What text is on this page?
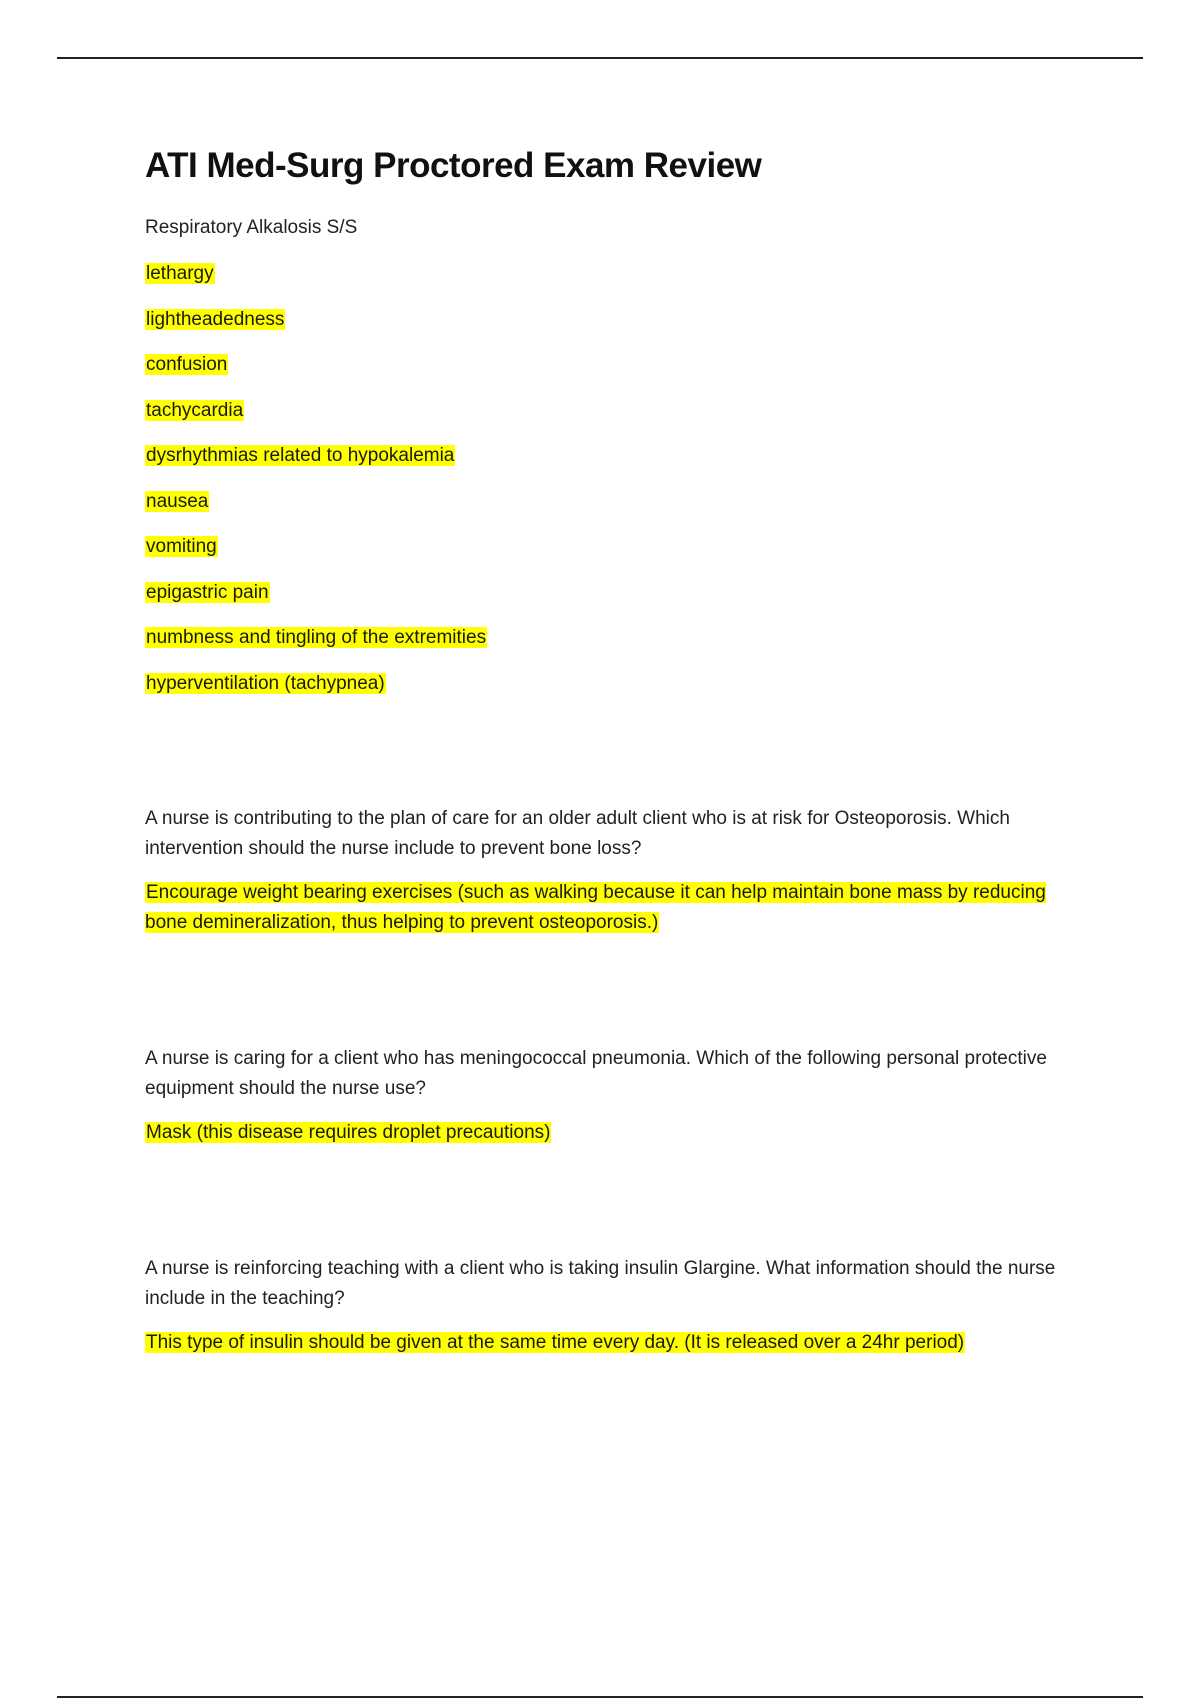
ATI Med-Surg Proctored Exam Review
Respiratory Alkalosis S/S
lethargy
lightheadedness
confusion
tachycardia
dysrhythmias related to hypokalemia
nausea
vomiting
epigastric pain
numbness and tingling of the extremities
hyperventilation (tachypnea)

A nurse is contributing to the plan of care for an older adult client who is at risk for Osteoporosis. Which intervention should the nurse include to prevent bone loss?

Encourage weight bearing exercises (such as walking because it can help maintain bone mass by reducing bone demineralization, thus helping to prevent osteoporosis.)

A nurse is caring for a client who has meningococcal pneumonia. Which of the following personal protective equipment should the nurse use?

Mask (this disease requires droplet precautions)

A nurse is reinforcing teaching with a client who is taking insulin Glargine. What information should the nurse include in the teaching?

This type of insulin should be given at the same time every day. (It is released over a 24hr period)
